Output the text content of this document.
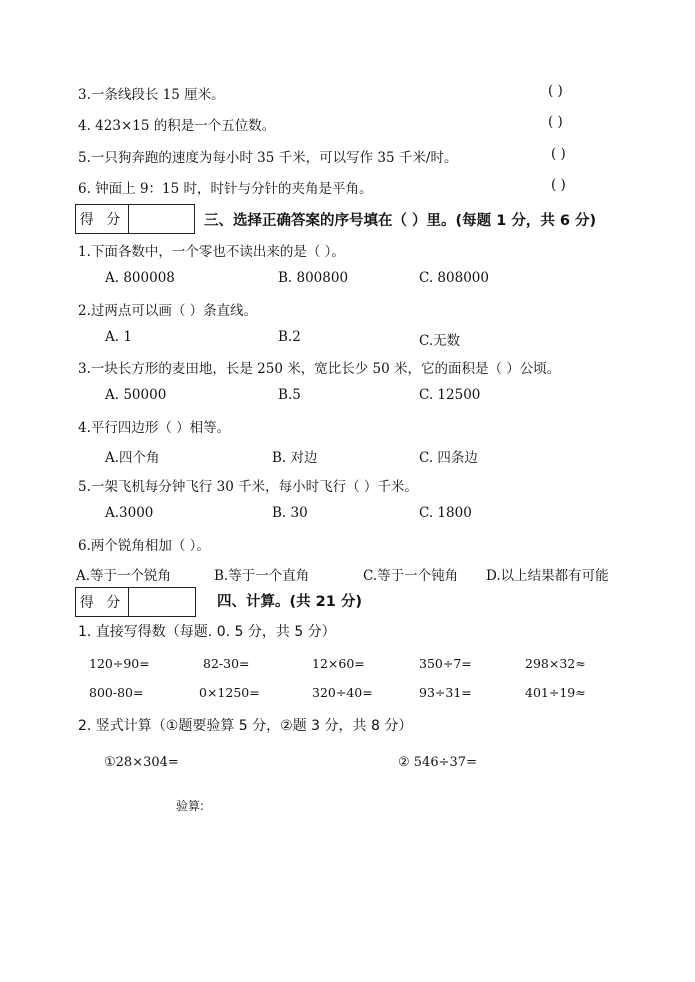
3.一条线段长 15 厘米。	( )
4. 423×15 的积是一个五位数。	( )
5.一只狗奔跑的速度为每小时 35 千米，可以写作 35 千米/时。	( )
6. 钟面上 9：15 时，时针与分针的夹角是平角。	( )
得 分	三、选择正确答案的序号填在（ ）里。(每题 1 分，共 6 分)
1.下面各数中，一个零也不读出来的是（ ）。
A. 800008	B. 800800	C. 808000
2.过两点可以画（ ）条直线。
A. 1	B.2	C.无数
3.一块长方形的麦田地，长是 250 米，宽比长少 50 米，它的面积是（ ）公顷。
A. 50000	B.5	C. 12500
4.平行四边形（ ）相等。
A.四个角	B. 对边	C. 四条边
5.一架飞机每分钟飞行 30 千米，每小时飞行（ ）千米。
A.3000	B. 30	C. 1800
6.两个锐角相加（ ）。
A.等于一个锐角	B.等于一个直角	C.等于一个钝角 D.以上结果都有可能
得 分	四、计算。(共 21 分)
1. 直接写得数（每题. 0. 5 分，共 5 分）
120÷90=	82-30=	12×60=	350÷7=	298×32≈
800-80=	0×1250=	320÷40=	93÷31=	401÷19≈
2. 竖式计算（①题要验算 5 分，②题 3 分，共 8 分）
①28×304=	② 546÷37=
验算:
